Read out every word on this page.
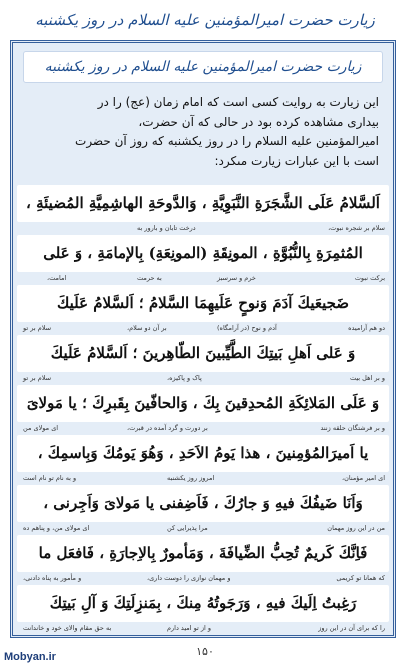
زيارت حضرت امیرالمؤمنین علیه السلام در روز یکشنبه
زيارت حضرت امیرالمؤمنین علیه السلام در روز یکشنبه
این زيارت به روايت كسى است كه امام زمان (عج) را در
بيدارى مشاهده كرده بود در حالى كه آن حضرت،
امیرالمؤمنین عليه السلام را در روز يكشنبه كه روز آن حضرت
است با اين عبارات زيارت مى‏كرد:
اَلسَّلامُ عَلَى الشَّجَرَةِ النَّبَوِيَّةِ ، وَالدَّوحَةِ الهاشِمِيَّةِ المُضيئَةِ ،
درخت تابان و بارور به	سلام بر شجره نبوت،
المُثمِرَةِ بِالنُّبُوَّةِ ، المونِقَةِ (المونِعَةِ) بِالإمامَةِ ، وَ عَلى
امامت،	به حرمت	خرم و سرسبز	برکت نبوت
ضَجيعَيكَ آدَمَ وَنوحٍ عَلَيهِمَا السَّلامُ ؛ اَلسَّلامُ عَلَيكَ
سلام بر تو	بر آن دو سلام،	آدم و نوح (در آرامگاه)	دو هم آرامیده
وَ عَلى اَهلِ بَيتِكَ الطَّيِّبينَ الطّاهِرينَ ؛ اَلسَّلامُ عَلَيكَ
سلام بر تو	پاک و پاکیزه،	و بر اهل بیت
وَ عَلَى المَلائِكَةِ المُحدِقينَ بِكَ ، وَالحافّينَ بِقَبرِكَ ؛ يا مَولاىَ
ای مولای من	بر دورت و گرد آمده در قبرت،	و بر فرشتگان حلقه زنند
يا اَميرَالمُؤمِنينَ ، هذا يَومُ الاَحَدِ ، وَهُوَ يَومُكَ وَبِاسمِكَ ،
و به نام تو نام است	امروز روز یکشنبه	ای امیر مؤمنان،
وَاَنَا ضَيفُكَ فيهِ وَ جارُكَ ، فَاَضِفنى يا مَولاىَ وَاَجِرنى ،
ای مولای من، و پناهم ده	مرا پذیرایی کن	من در این روز مهمان
فَاِنَّكَ كَريمٌ تُحِبُّ الضِّيافَةَ ، وَمَأمورٌ بِالاِجارَةِ ، فَافعَل ما
و مأمور به پناه دادنی،	و مهمان نوازی را دوست داری،	که همانا تو کریمی
رَغِبتُ اِلَيكَ فيهِ ، وَرَجَوتُهُ مِنكَ ، بِمَنزِلَتِكَ وَ آلِ بَيتِكَ
به حق مقام والای خود و خاندانت	و از تو امید دارم	را که برای آن در این روز
Mobyan.ir	۱۵۰
